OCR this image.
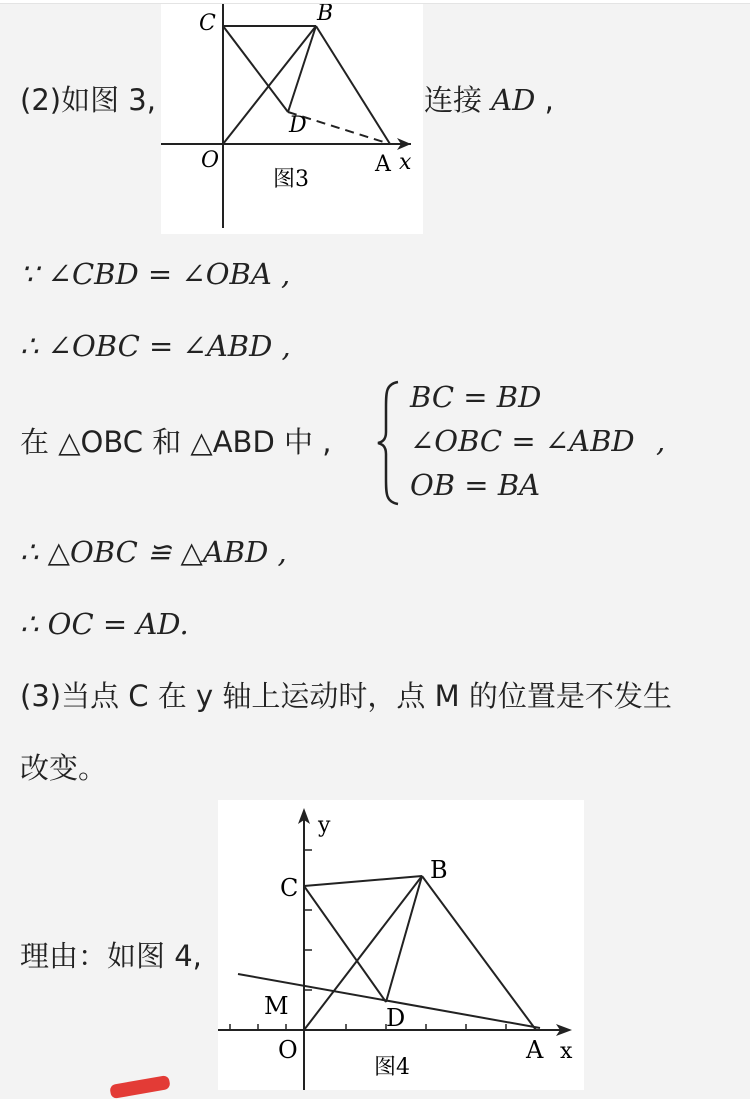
(2)如图 3,
C	B
D
O	A x
图3
连接 AD ,
∵ ∠CBD = ∠OBA ,
∴ ∠OBC = ∠ABD ,
在 △OBC 和 △ABD 中 ,
BC = BD
∠OBC = ∠ABD
OB = BA
,
∴ △OBC ≌ △ABD ,
∴ OC = AD.
(3)当点 C 在 y 轴上运动时，点 M 的位置是不发生
改变。
理由：如图 4,
C
B
M	D
O	A x
y
图4
